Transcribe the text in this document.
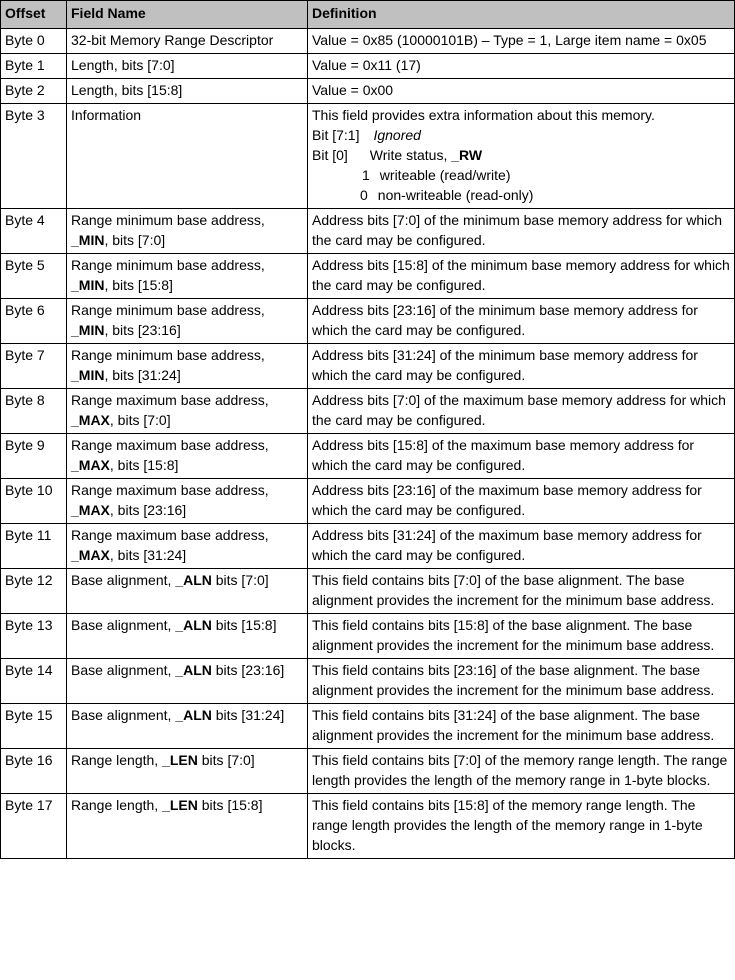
Offset	Field Name	Definition
Byte 0	32-bit Memory Range Descriptor	Value = 0x85 (10000101B) – Type = 1, Large item name = 0x05
Byte 1	Length, bits [7:0]	Value = 0x11 (17)
Byte 2	Length, bits [15:8]	Value = 0x00
Byte 3	Information	This field provides extra information about this memory.
Bit [7:1] Ignored
Bit [0] Write status, _RW
1 writeable (read/write)
0 non-writeable (read-only)

Byte 4	Range minimum base address, _MIN, bits [7:0]	Address bits [7:0] of the minimum base memory address for which the card may be configured.
Byte 5	Range minimum base address, _MIN, bits [15:8]	Address bits [15:8] of the minimum base memory address for which the card may be configured.
Byte 6	Range minimum base address, _MIN, bits [23:16]	Address bits [23:16] of the minimum base memory address for which the card may be configured.
Byte 7	Range minimum base address, _MIN, bits [31:24]	Address bits [31:24] of the minimum base memory address for which the card may be configured.
Byte 8	Range maximum base address, _MAX, bits [7:0]	Address bits [7:0] of the maximum base memory address for which the card may be configured.
Byte 9	Range maximum base address, _MAX, bits [15:8]	Address bits [15:8] of the maximum base memory address for which the card may be configured.
Byte 10	Range maximum base address, _MAX, bits [23:16]	Address bits [23:16] of the maximum base memory address for which the card may be configured.
Byte 11	Range maximum base address, _MAX, bits [31:24]	Address bits [31:24] of the maximum base memory address for which the card may be configured.
Byte 12	Base alignment, _ALN bits [7:0]	This field contains bits [7:0] of the base alignment. The base alignment provides the increment for the minimum base address.
Byte 13	Base alignment, _ALN bits [15:8]	This field contains bits [15:8] of the base alignment. The base alignment provides the increment for the minimum base address.
Byte 14	Base alignment, _ALN bits [23:16]	This field contains bits [23:16] of the base alignment. The base alignment provides the increment for the minimum base address.
Byte 15	Base alignment, _ALN bits [31:24]	This field contains bits [31:24] of the base alignment. The base alignment provides the increment for the minimum base address.
Byte 16	Range length, _LEN bits [7:0]	This field contains bits [7:0] of the memory range length. The range length provides the length of the memory range in 1-byte blocks.
Byte 17	Range length, _LEN bits [15:8]	This field contains bits [15:8] of the memory range length. The range length provides the length of the memory range in 1-byte blocks.
